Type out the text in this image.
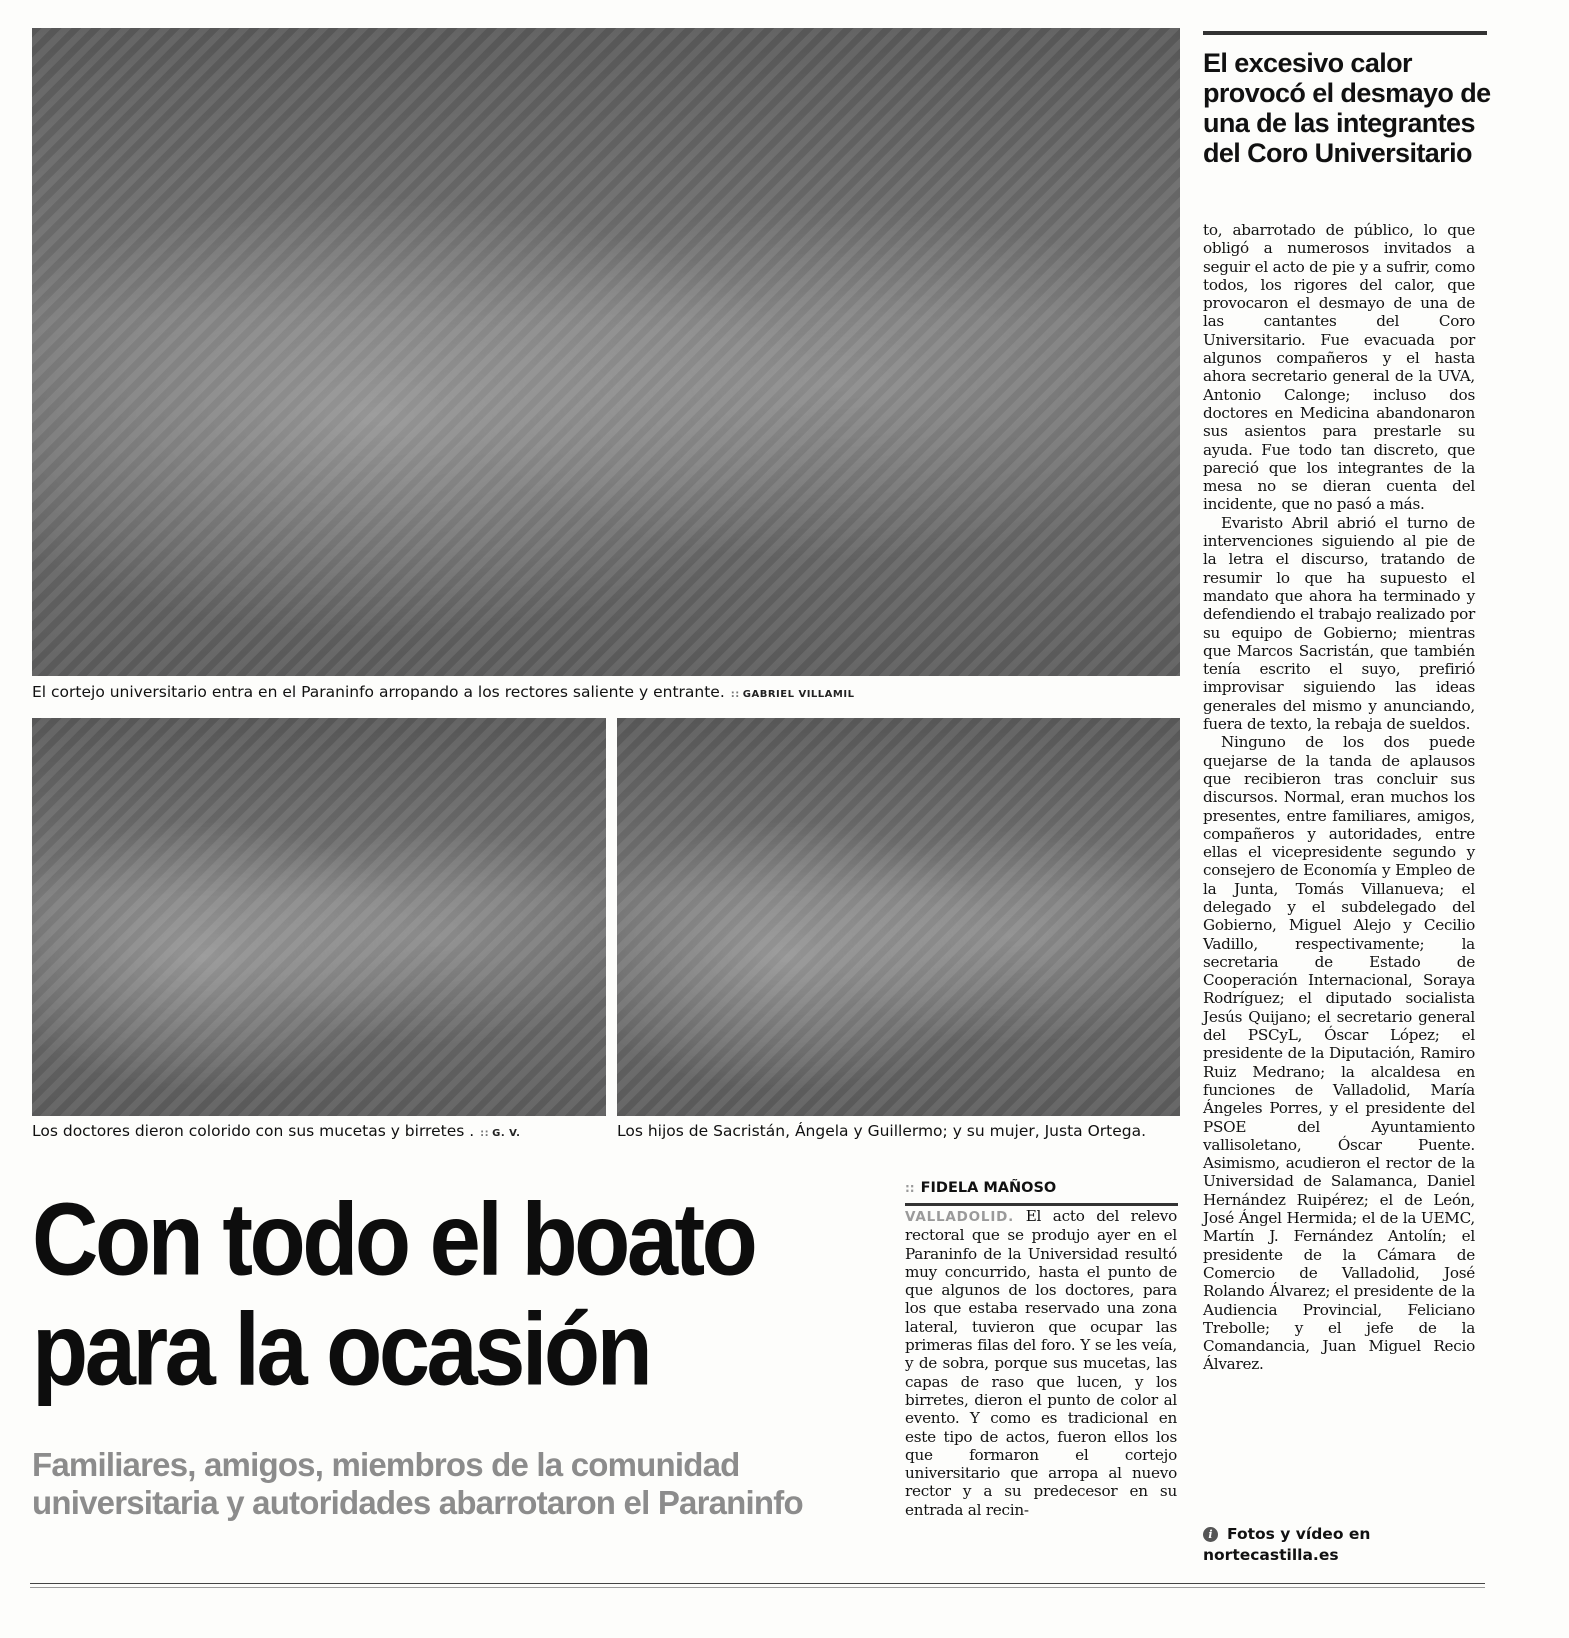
El cortejo universitario entra en el Paraninfo arropando a los rectores saliente y entrante. :: GABRIEL VILLAMIL
Los doctores dieron colorido con sus mucetas y birretes . :: G. V.	Los hijos de Sacristán, Ángela y Guillermo; y su mujer, Justa Ortega.
El excesivo calor
provocó el desmayo de
una de las integrantes
del Coro Universitario

to, abarrotado de público, lo que obligó a numerosos invitados a seguir el acto de pie y a sufrir, como todos, los rigores del calor, que provocaron el desmayo de una de las cantantes del Coro Universitario. Fue evacuada por algunos compañeros y el hasta ahora secretario general de la UVA, Antonio Calonge; incluso dos doctores en Medicina abandonaron sus asientos para prestarle su ayuda. Fue todo tan discreto, que pareció que los integrantes de la mesa no se dieran cuenta del incidente, que no pasó a más.

Evaristo Abril abrió el turno de intervenciones siguiendo al pie de la letra el discurso, tratando de resumir lo que ha supuesto el mandato que ahora ha terminado y defendiendo el trabajo realizado por su equipo de Gobierno; mientras que Marcos Sacristán, que también tenía escrito el suyo, prefirió improvisar siguiendo las ideas generales del mismo y anunciando, fuera de texto, la rebaja de sueldos.

Ninguno de los dos puede quejarse de la tanda de aplausos que recibieron tras concluir sus discursos. Normal, eran muchos los presentes, entre familiares, amigos, compañeros y autoridades, entre ellas el vicepresidente segundo y consejero de Economía y Empleo de la Junta, Tomás Villanueva; el delegado y el subdelegado del Gobierno, Miguel Alejo y Cecilio Vadillo, respectivamente; la secretaria de Estado de Cooperación Internacional, Soraya Rodríguez; el diputado socialista Jesús Quijano; el secretario general del PSCyL, Óscar López; el presidente de la Diputación, Ramiro Ruiz Medrano; la alcaldesa en funciones de Valladolid, María Ángeles Porres, y el presidente del PSOE del Ayuntamiento vallisoletano, Óscar Puente. Asimismo, acudieron el rector de la Universidad de Salamanca, Daniel Hernández Ruipérez; el de León, José Ángel Hermida; el de la UEMC, Martín J. Fernández Antolín; el presidente de la Cámara de Comercio de Valladolid, José Rolando Álvarez; el presidente de la Audiencia Provincial, Feliciano Trebolle; y el jefe de la Comandancia, Juan Miguel Recio Álvarez.

Con todo el boato
para la ocasión
Familiares, amigos, miembros de la comunidad
universitaria y autoridades abarrotaron el Paraninfo
:: FIDELA MAÑOSO

VALLADOLID. El acto del relevo rectoral que se produjo ayer en el Paraninfo de la Universidad resultó muy concurrido, hasta el punto de que algunos de los doctores, para los que estaba reservado una zona lateral, tuvieron que ocupar las primeras filas del foro. Y se les veía, y de sobra, porque sus mucetas, las capas de raso que lucen, y los birretes, dieron el punto de color al evento. Y como es tradicional en este tipo de actos, fueron ellos los que formaron el cortejo universitario que arropa al nuevo rector y a su predecesor en su entrada al recin-

i Fotos y vídeo en
nortecastilla.es
